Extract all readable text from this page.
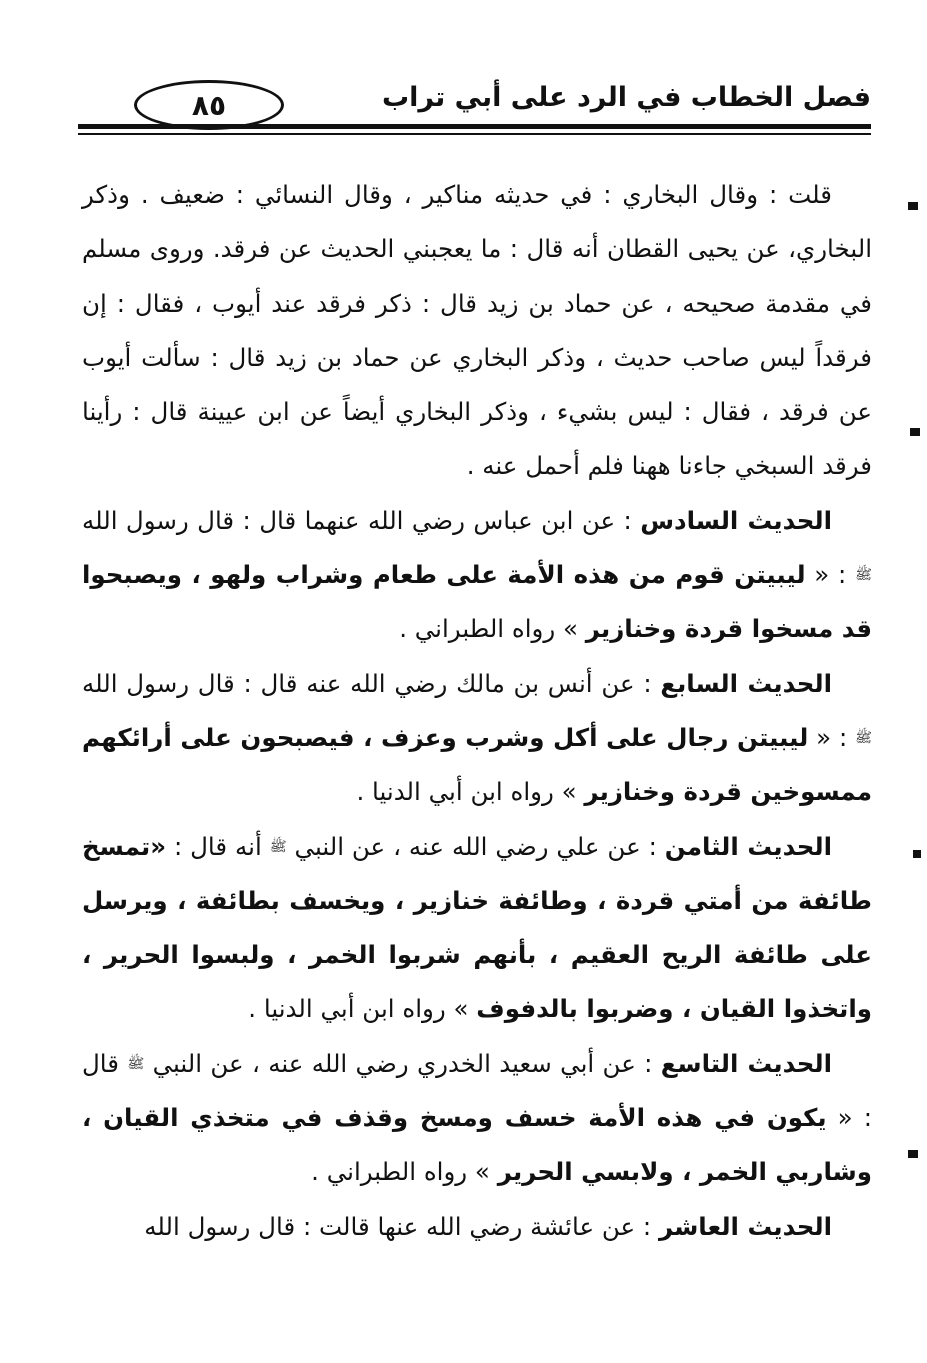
فصل الخطاب في الرد على أبي تراب
٨٥

قلت : وقال البخاري : في حديثه مناكير ، وقال النسائي : ضعيف . وذكر البخاري، عن يحيى القطان أنه قال : ما يعجبني الحديث عن فرقد. وروى مسلم في مقدمة صحيحه ، عن حماد بن زيد قال : ذكر فرقد عند أيوب ، فقال : إن فرقداً ليس صاحب حديث ، وذكر البخاري عن حماد بن زيد قال : سألت أيوب عن فرقد ، فقال : ليس بشيء ، وذكر البخاري أيضاً عن ابن عيينة قال : رأينا فرقد السبخي جاءنا ههنا فلم أحمل عنه .

الحديث السادس : عن ابن عباس رضي الله عنهما قال : قال رسول الله ﷺ : « ليبيتن قوم من هذه الأمة على طعام وشراب ولهو ، ويصبحوا قد مسخوا قردة وخنازير » رواه الطبراني .

الحديث السابع : عن أنس بن مالك رضي الله عنه قال : قال رسول الله ﷺ : « ليبيتن رجال على أكل وشرب وعزف ، فيصبحون على أرائكهم ممسوخين قردة وخنازير » رواه ابن أبي الدنيا .

الحديث الثامن : عن علي رضي الله عنه ، عن النبي ﷺ أنه قال : «تمسخ طائفة من أمتي قردة ، وطائفة خنازير ، ويخسف بطائفة ، ويرسل على طائفة الريح العقيم ، بأنهم شربوا الخمر ، ولبسوا الحرير ، واتخذوا القيان ، وضربوا بالدفوف » رواه ابن أبي الدنيا .

الحديث التاسع : عن أبي سعيد الخدري رضي الله عنه ، عن النبي ﷺ قال : « يكون في هذه الأمة خسف ومسخ وقذف في متخذي القيان ، وشاربي الخمر ، ولابسي الحرير » رواه الطبراني .

الحديث العاشر : عن عائشة رضي الله عنها قالت : قال رسول الله
